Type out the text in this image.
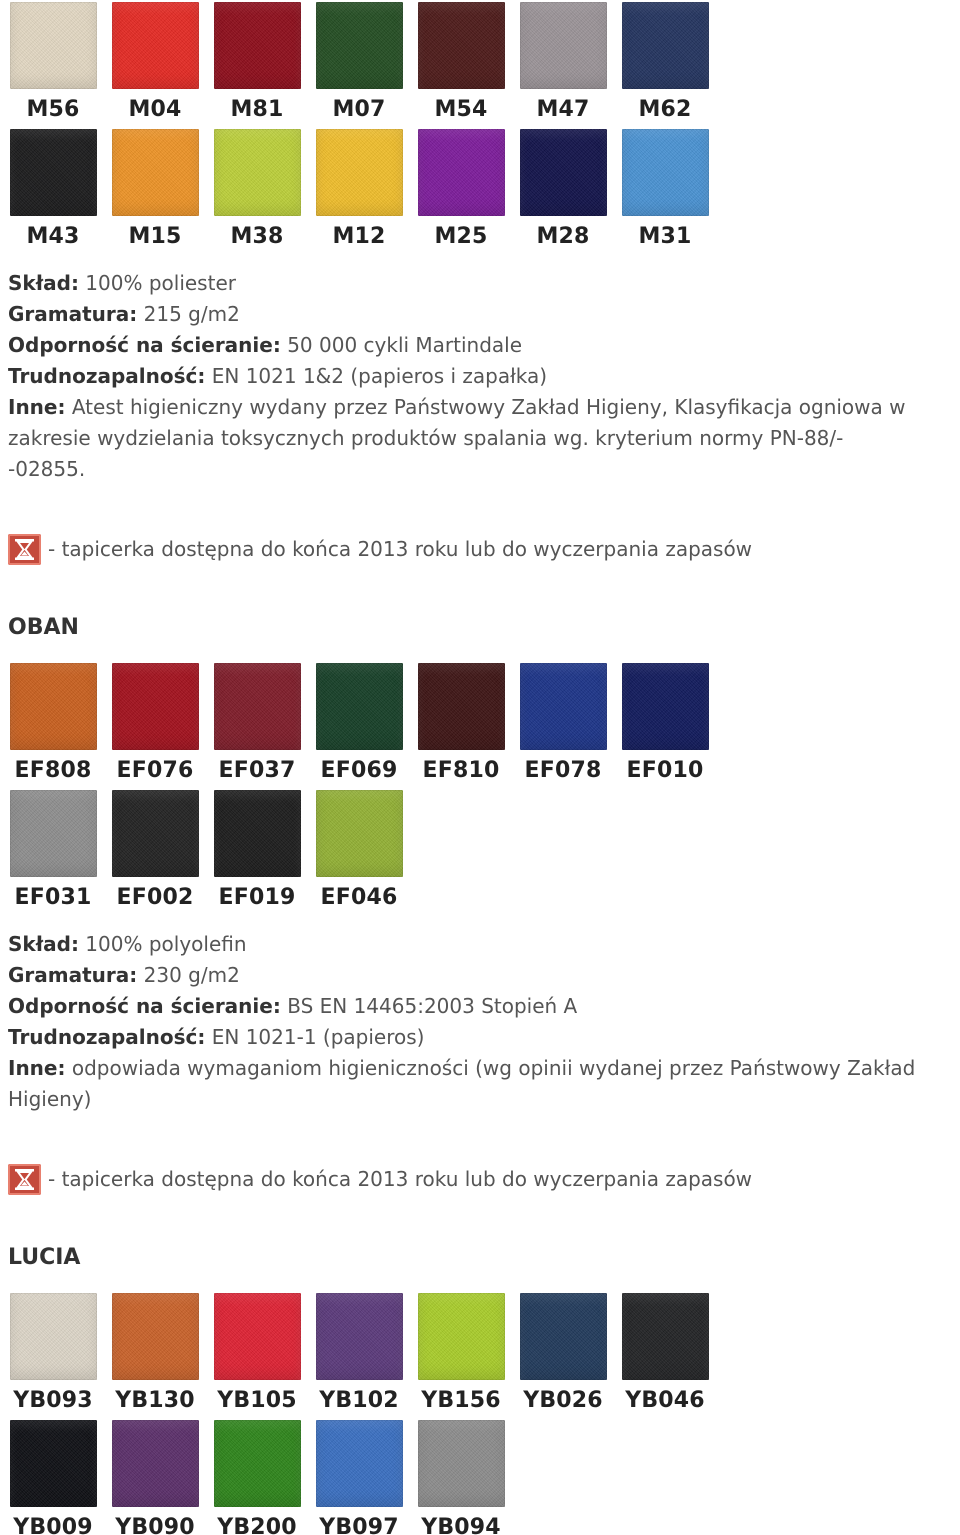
M56 M04 M81 M07 M54 M47 M62
M43 M15 M38 M12 M25 M28 M31
Skład: 100% poliester
Gramatura: 215 g/m2
Odporność na ścieranie: 50 000 cykli Martindale
Trudnozapalność: EN 1021 1&2 (papieros i zapałka)
Inne: Atest higieniczny wydany przez Państwowy Zakład Higieny, Klasyfikacja ogniowa w zakresie wydzielania toksycznych produktów spalania wg. kryterium normy PN-88/-
-02855.
- tapicerka dostępna do końca 2013 roku lub do wyczerpania zapasów
OBAN
EF808 EF076 EF037 EF069 EF810 EF078 EF010
EF031 EF002 EF019 EF046
Skład: 100% polyolefin
Gramatura: 230 g/m2
Odporność na ścieranie: BS EN 14465:2003 Stopień A
Trudnozapalność: EN 1021-1 (papieros)
Inne: odpowiada wymaganiom higieniczności (wg opinii wydanej przez Państwowy Zakład
Higieny)
- tapicerka dostępna do końca 2013 roku lub do wyczerpania zapasów
LUCIA
YB093 YB130 YB105 YB102 YB156 YB026 YB046
YB009 YB090 YB200 YB097 YB094
